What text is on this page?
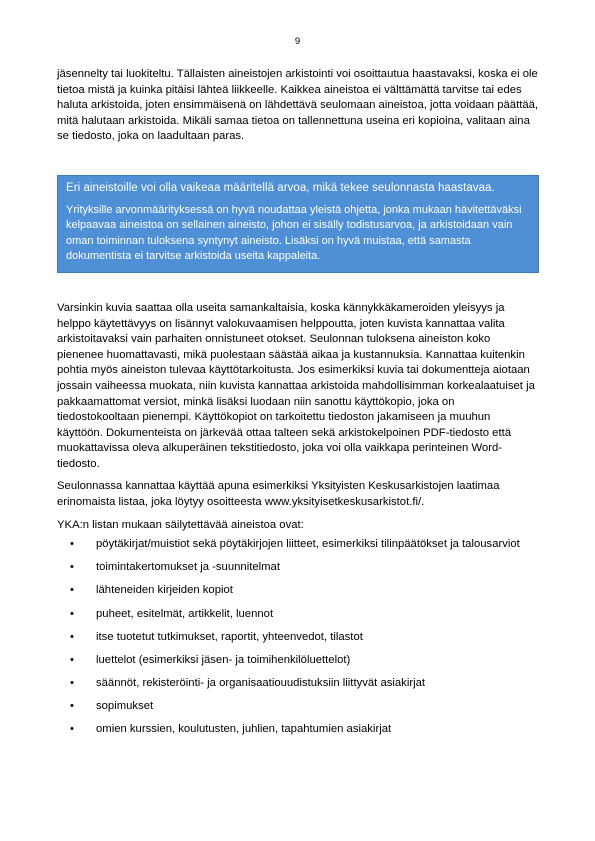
9

jäsennelty tai luokiteltu. Tällaisten aineistojen arkistointi voi osoittautua haastavaksi, koska ei ole tietoa mistä ja kuinka pitäisi lähteä liikkeelle. Kaikkea aineistoa ei välttämättä tarvitse tai edes haluta arkistoida, joten ensimmäisenä on lähdettävä seulomaan aineistoa, jotta voidaan päättää, mitä halutaan arkistoida. Mikäli samaa tietoa on tallennettuna useina eri kopioina, valitaan aina se tiedosto, joka on laadultaan paras.

Eri aineistoille voi olla vaikeaa määritellä arvoa, mikä tekee seulonnasta haastavaa.

Yrityksille arvonmäärityksessä on hyvä noudattaa yleistä ohjetta, jonka mukaan hävitettäväksi kelpaavaa aineistoa on sellainen aineisto, johon ei sisälly todistusarvoa, ja arkistoidaan vain oman toiminnan tuloksena syntynyt aineisto. Lisäksi on hyvä muistaa, että samasta dokumentista ei tarvitse arkistoida useita kappaleita.

Varsinkin kuvia saattaa olla useita samankaltaisia, koska kännykkäkameroiden yleisyys ja helppo käytettävyys on lisännyt valokuvaamisen helppoutta, joten kuvista kannattaa valita arkistoitavaksi vain parhaiten onnistuneet otokset. Seulonnan tuloksena aineiston koko pienenee huomattavasti, mikä puolestaan säästää aikaa ja kustannuksia. Kannattaa kuitenkin pohtia myös aineiston tulevaa käyttötarkoitusta. Jos esimerkiksi kuvia tai dokumentteja aiotaan jossain vaiheessa muokata, niin kuvista kannattaa arkistoida mahdollisimman korkealaatuiset ja pakkaamattomat versiot, minkä lisäksi luodaan niin sanottu käyttökopio, joka on tiedostokooltaan pienempi. Käyttökopiot on tarkoitettu tiedoston jakamiseen ja muuhun käyttöön. Dokumenteista on järkevää ottaa talteen sekä arkistokelpoinen PDF-tiedosto että muokattavissa oleva alkuperäinen tekstitiedosto, joka voi olla vaikkapa perinteinen Word-tiedosto.

Seulonnassa kannattaa käyttää apuna esimerkiksi Yksityisten Keskusarkistojen laatimaa erinomaista listaa, joka löytyy osoitteesta www.yksityisetkeskusarkistot.fi/.

YKA:n listan mukaan säilytettävää aineistoa ovat:

• pöytäkirjat/muistiot sekä pöytäkirjojen liitteet, esimerkiksi tilinpäätökset ja talousarviot
• toimintakertomukset ja -suunnitelmat
• lähteneiden kirjeiden kopiot
• puheet, esitelmät, artikkelit, luennot
• itse tuotetut tutkimukset, raportit, yhteenvedot, tilastot
• luettelot (esimerkiksi jäsen- ja toimihenkilöluettelot)
• säännöt, rekisteröinti- ja organisaatiouudistuksiin liittyvät asiakirjat
• sopimukset
• omien kurssien, koulutusten, juhlien, tapahtumien asiakirjat
